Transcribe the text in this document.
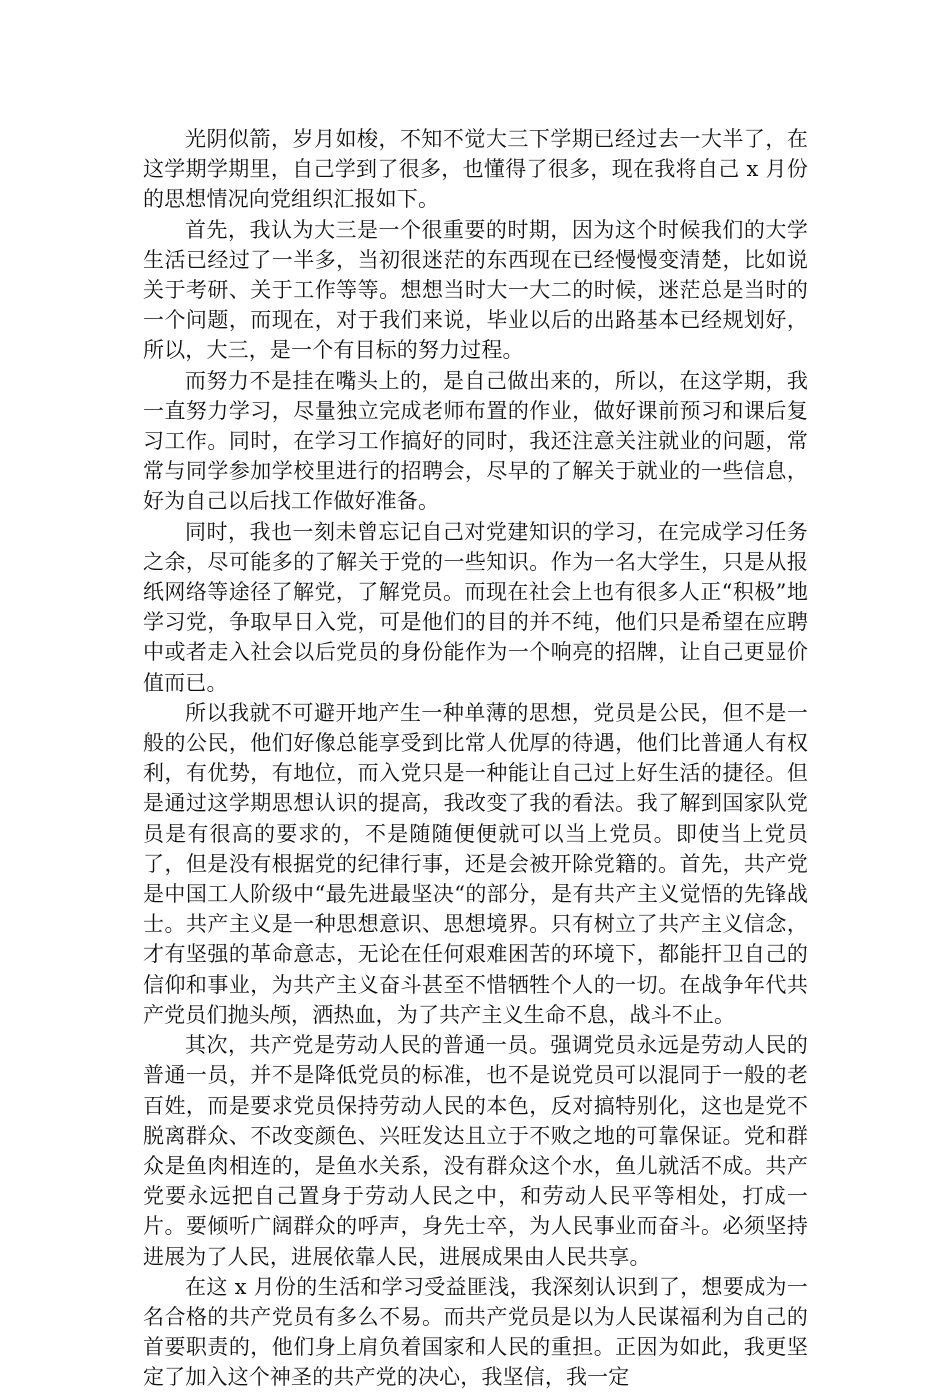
光阴似箭，岁月如梭，不知不觉大三下学期已经过去一大半了，在这学期学期里，自己学到了很多，也懂得了很多，现在我将自己 x 月份的思想情况向党组织汇报如下。

首先，我认为大三是一个很重要的时期，因为这个时候我们的大学生活已经过了一半多，当初很迷茫的东西现在已经慢慢变清楚，比如说关于考研、关于工作等等。想想当时大一大二的时候，迷茫总是当时的一个问题，而现在，对于我们来说，毕业以后的出路基本已经规划好，所以，大三，是一个有目标的努力过程。

而努力不是挂在嘴头上的，是自己做出来的，所以，在这学期，我一直努力学习，尽量独立完成老师布置的作业，做好课前预习和课后复习工作。同时，在学习工作搞好的同时，我还注意关注就业的问题，常常与同学参加学校里进行的招聘会，尽早的了解关于就业的一些信息，好为自己以后找工作做好准备。

同时，我也一刻未曾忘记自己对党建知识的学习，在完成学习任务之余，尽可能多的了解关于党的一些知识。作为一名大学生，只是从报纸网络等途径了解党，了解党员。而现在社会上也有很多人正“积极”地学习党，争取早日入党，可是他们的目的并不纯，他们只是希望在应聘中或者走入社会以后党员的身份能作为一个响亮的招牌，让自己更显价值而已。

所以我就不可避开地产生一种单薄的思想，党员是公民，但不是一般的公民，他们好像总能享受到比常人优厚的待遇，他们比普通人有权利，有优势，有地位，而入党只是一种能让自己过上好生活的捷径。但是通过这学期思想认识的提高，我改变了我的看法。我了解到国家队党员是有很高的要求的，不是随随便便就可以当上党员。即使当上党员了，但是没有根据党的纪律行事，还是会被开除党籍的。首先，共产党是中国工人阶级中“最先进最坚决“的部分，是有共产主义觉悟的先锋战士。共产主义是一种思想意识、思想境界。只有树立了共产主义信念，才有坚强的革命意志，无论在任何艰难困苦的环境下，都能扞卫自己的信仰和事业，为共产主义奋斗甚至不惜牺牲个人的一切。在战争年代共产党员们抛头颅，洒热血，为了共产主义生命不息，战斗不止。

其次，共产党是劳动人民的普通一员。强调党员永远是劳动人民的普通一员，并不是降低党员的标准，也不是说党员可以混同于一般的老百姓，而是要求党员保持劳动人民的本色，反对搞特别化，这也是党不脱离群众、不改变颜色、兴旺发达且立于不败之地的可靠保证。党和群众是鱼肉相连的，是鱼水关系，没有群众这个水，鱼儿就活不成。共产党要永远把自己置身于劳动人民之中，和劳动人民平等相处，打成一片。要倾听广阔群众的呼声，身先士卒，为人民事业而奋斗。必须坚持进展为了人民，进展依靠人民，进展成果由人民共享。

在这 x 月份的生活和学习受益匪浅，我深刻认识到了，想要成为一名合格的共产党员有多么不易。而共产党员是以为人民谋福利为自己的首要职责的，他们身上肩负着国家和人民的重担。正因为如此，我更坚定了加入这个神圣的共产党的决心，我坚信，我一定
